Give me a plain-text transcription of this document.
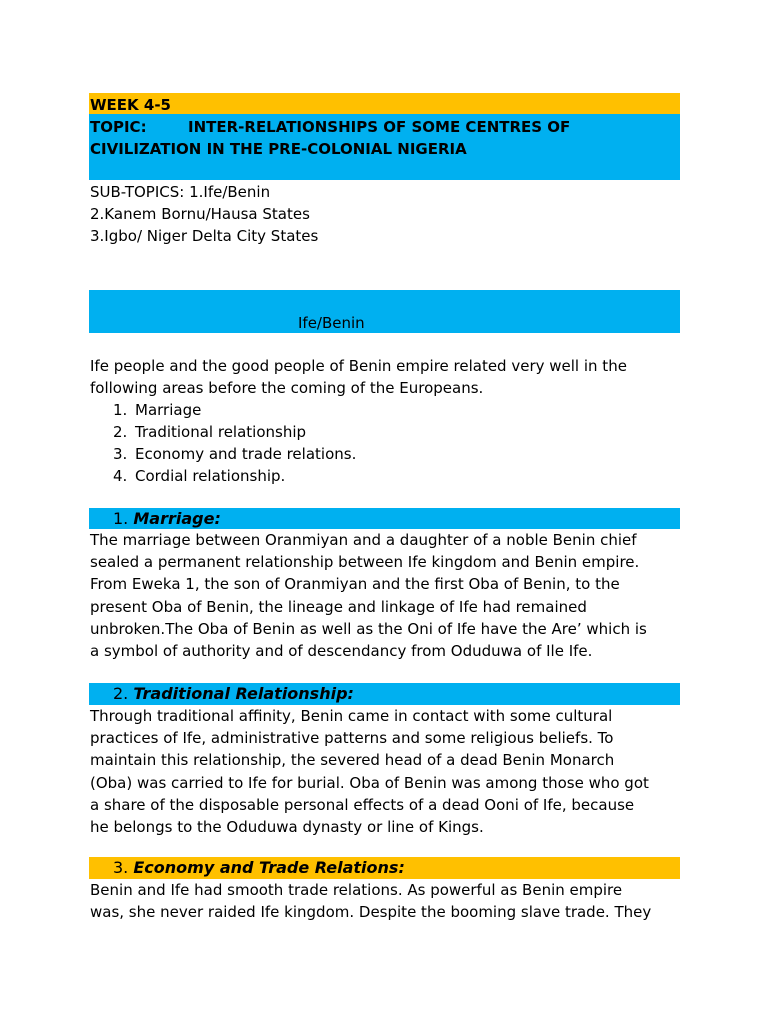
WEEK 4-5
TOPIC:	INTER-RELATIONSHIPS OF SOME CENTRES OF
CIVILIZATION IN THE PRE-COLONIAL NIGERIA
SUB-TOPICS: 1.Ife/Benin
2.Kanem Bornu/Hausa States
3.Igbo/ Niger Delta City States
Ife/Benin
Ife people and the good people of Benin empire related very well in the
following areas before the coming of the Europeans.
1. Marriage
2. Traditional relationship
3. Economy and trade relations.
4. Cordial relationship.
1. Marriage:
The marriage between Oranmiyan and a daughter of a noble Benin chief
sealed a permanent relationship between Ife kingdom and Benin empire.
From Eweka 1, the son of Oranmiyan and the first Oba of Benin, to the
present Oba of Benin, the lineage and linkage of Ife had remained
unbroken.The Oba of Benin as well as the Oni of Ife have the Are’ which is
a symbol of authority and of descendancy from Oduduwa of Ile Ife.
2. Traditional Relationship:
Through traditional affinity, Benin came in contact with some cultural
practices of Ife, administrative patterns and some religious beliefs. To
maintain this relationship, the severed head of a dead Benin Monarch
(Oba) was carried to Ife for burial. Oba of Benin was among those who got
a share of the disposable personal effects of a dead Ooni of Ife, because
he belongs to the Oduduwa dynasty or line of Kings.
3. Economy and Trade Relations:
Benin and Ife had smooth trade relations. As powerful as Benin empire
was, she never raided Ife kingdom. Despite the booming slave trade. They
